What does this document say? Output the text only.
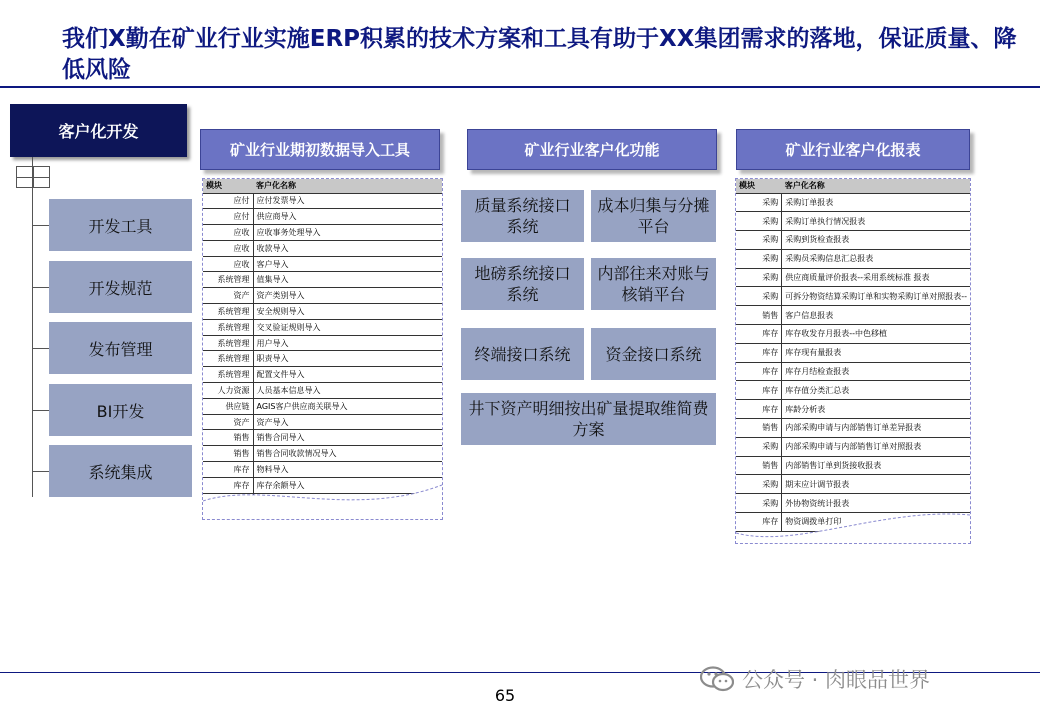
我们X勤在矿业行业实施ERP积累的技术方案和工具有助于XX集团需求的落地，保证质量、降低风险
客户化开发
开发工具
开发规范
发布管理
BI开发
系统集成
矿业行业期初数据导入工具	矿业行业客户化功能	矿业行业客户化报表
模块	客户化名称
应付	应付发票导入
应付	供应商导入
应收	应收事务处理导入
应收	收款导入
应收	客户导入
系统管理	值集导入
资产	资产类别导入
系统管理	安全规则导入
系统管理	交叉验证规则导入
系统管理	用户导入
系统管理	职责导入
系统管理	配置文件导入
人力资源	人员基本信息导入
供应链	AGIS客户供应商关联导入
资产	资产导入
销售	销售合同导入
销售	销售合同收款情况导入
库存	物料导入
库存	库存余额导入

质量系统接口系统
成本归集与分摊平台
地磅系统接口系统
内部往来对账与核销平台
终端接口系统	资金接口系统
井下资产明细按出矿量提取维简费方案
模块	客户化名称
采购	采购订单报表
采购	采购订单执行情况报表
采购	采购到货检查报表
采购	采购员采购信息汇总报表
采购	供应商质量评价报表--采用系统标准 报表
采购	可拆分物资结算采购订单和实物采购订单对照报表--
销售	客户信息报表
库存	库存收发存月报表--中色移植
库存	库存现有量报表
库存	库存月结检查报表
库存	库存值分类汇总表
库存	库龄分析表
销售	内部采购申请与内部销售订单差异报表
采购	内部采购申请与内部销售订单对照报表
销售	内部销售订单到货接收报表
采购	期末应计调节报表
采购	外协物资统计报表
库存	物资调拨单打印
65
公众号 · 肉眼品世界
